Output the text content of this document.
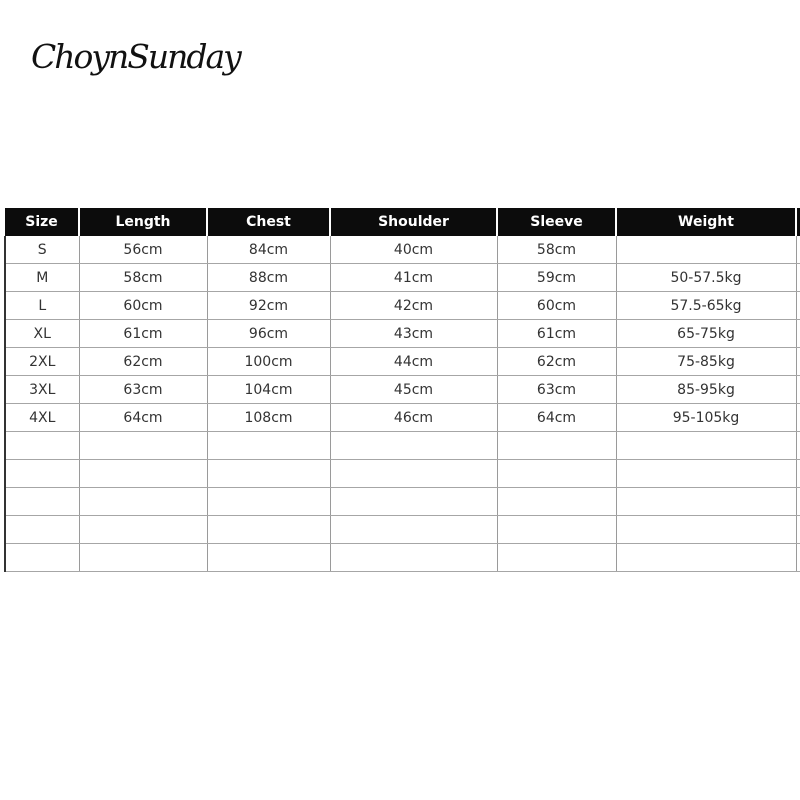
ChoynSunday
Size	Length	Chest	Shoulder	Sleeve	Weight	
S	56cm	84cm	40cm	58cm		
M	58cm	88cm	41cm	59cm	50-57.5kg	
L	60cm	92cm	42cm	60cm	57.5-65kg	
XL	61cm	96cm	43cm	61cm	65-75kg	
2XL	62cm	100cm	44cm	62cm	75-85kg	
3XL	63cm	104cm	45cm	63cm	85-95kg	
4XL	64cm	108cm	46cm	64cm	95-105kg	
